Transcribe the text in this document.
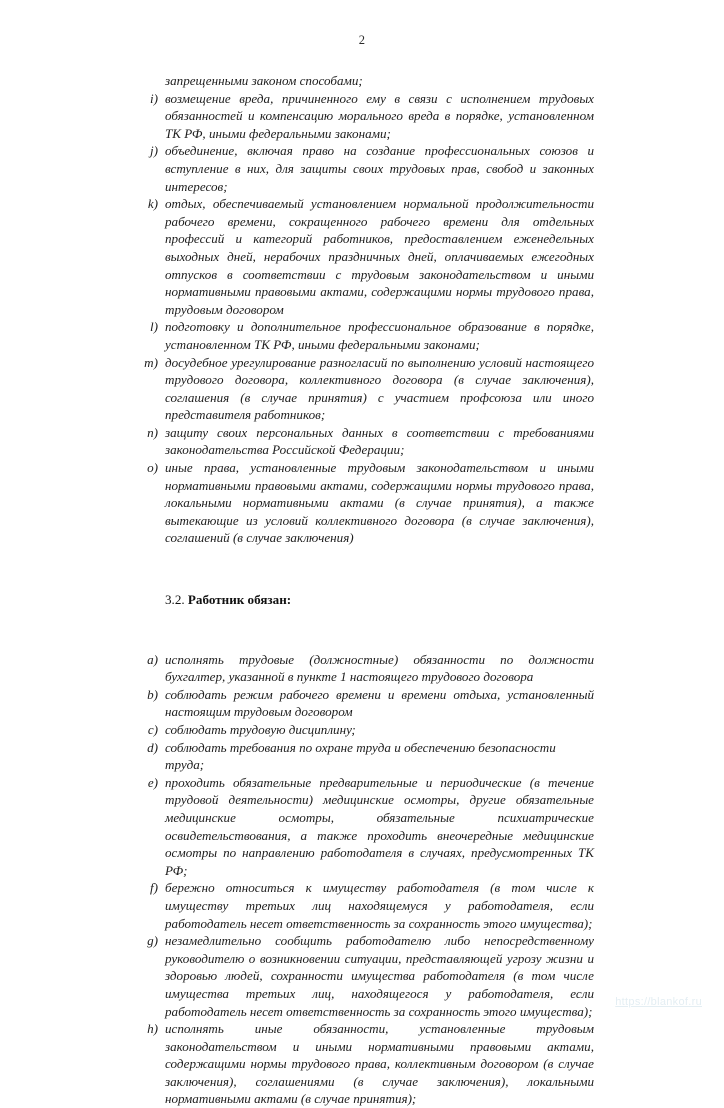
2
запрещенными законом способами;
i) возмещение вреда, причиненного ему в связи с исполнением трудовых обязанностей и компенсацию морального вреда в порядке, установленном ТК РФ, иными федеральными законами;
j) объединение, включая право на создание профессиональных союзов и вступление в них, для защиты своих трудовых прав, свобод и законных интересов;
k) отдых, обеспечиваемый установлением нормальной продолжительности рабочего времени, сокращенного рабочего времени для отдельных профессий и категорий работников, предоставлением еженедельных выходных дней, нерабочих праздничных дней, оплачиваемых ежегодных отпусков в соответствии с трудовым законодательством и иными нормативными правовыми актами, содержащими нормы трудового права, трудовым договором
l) подготовку и дополнительное профессиональное образование в порядке, установленном ТК РФ, иными федеральными законами;
m) досудебное урегулирование разногласий по выполнению условий настоящего трудового договора, коллективного договора (в случае заключения), соглашения (в случае принятия) с участием профсоюза или иного представителя работников;
n) защиту своих персональных данных в соответствии с требованиями законодательства Российской Федерации;
o) иные права, установленные трудовым законодательством и иными нормативными правовыми актами, содержащими нормы трудового права, локальными нормативными актами (в случае принятия), а также вытекающие из условий коллективного договора (в случае заключения), соглашений (в случае заключения)
3.2. Работник обязан:
a) исполнять трудовые (должностные) обязанности по должности бухгалтер, указанной в пункте 1 настоящего трудового договора
b) соблюдать режим рабочего времени и времени отдыха, установленный настоящим трудовым договором
c) соблюдать трудовую дисциплину;
d) соблюдать требования по охране труда и обеспечению безопасности труда;
e) проходить обязательные предварительные и периодические (в течение трудовой деятельности) медицинские осмотры, другие обязательные медицинские осмотры, обязательные психиатрические освидетельствования, а также проходить внеочередные медицинские осмотры по направлению работодателя в случаях, предусмотренных ТК РФ;
f) бережно относиться к имуществу работодателя (в том числе к имуществу третьих лиц находящемуся у работодателя, если работодатель несет ответственность за сохранность этого имущества);
g) незамедлительно сообщить работодателю либо непосредственному руководителю о возникновении ситуации, представляющей угрозу жизни и здоровью людей, сохранности имущества работодателя (в том числе имущества третьих лиц, находящегося у работодателя, если работодатель несет ответственность за сохранность этого имущества);
h) исполнять иные обязанности, установленные трудовым законодательством и иными нормативными правовыми актами, содержащими нормы трудового права, коллективным договором (в случае заключения), соглашениями (в случае заключения), локальными нормативными актами (в случае принятия);
https://blankof.ru
